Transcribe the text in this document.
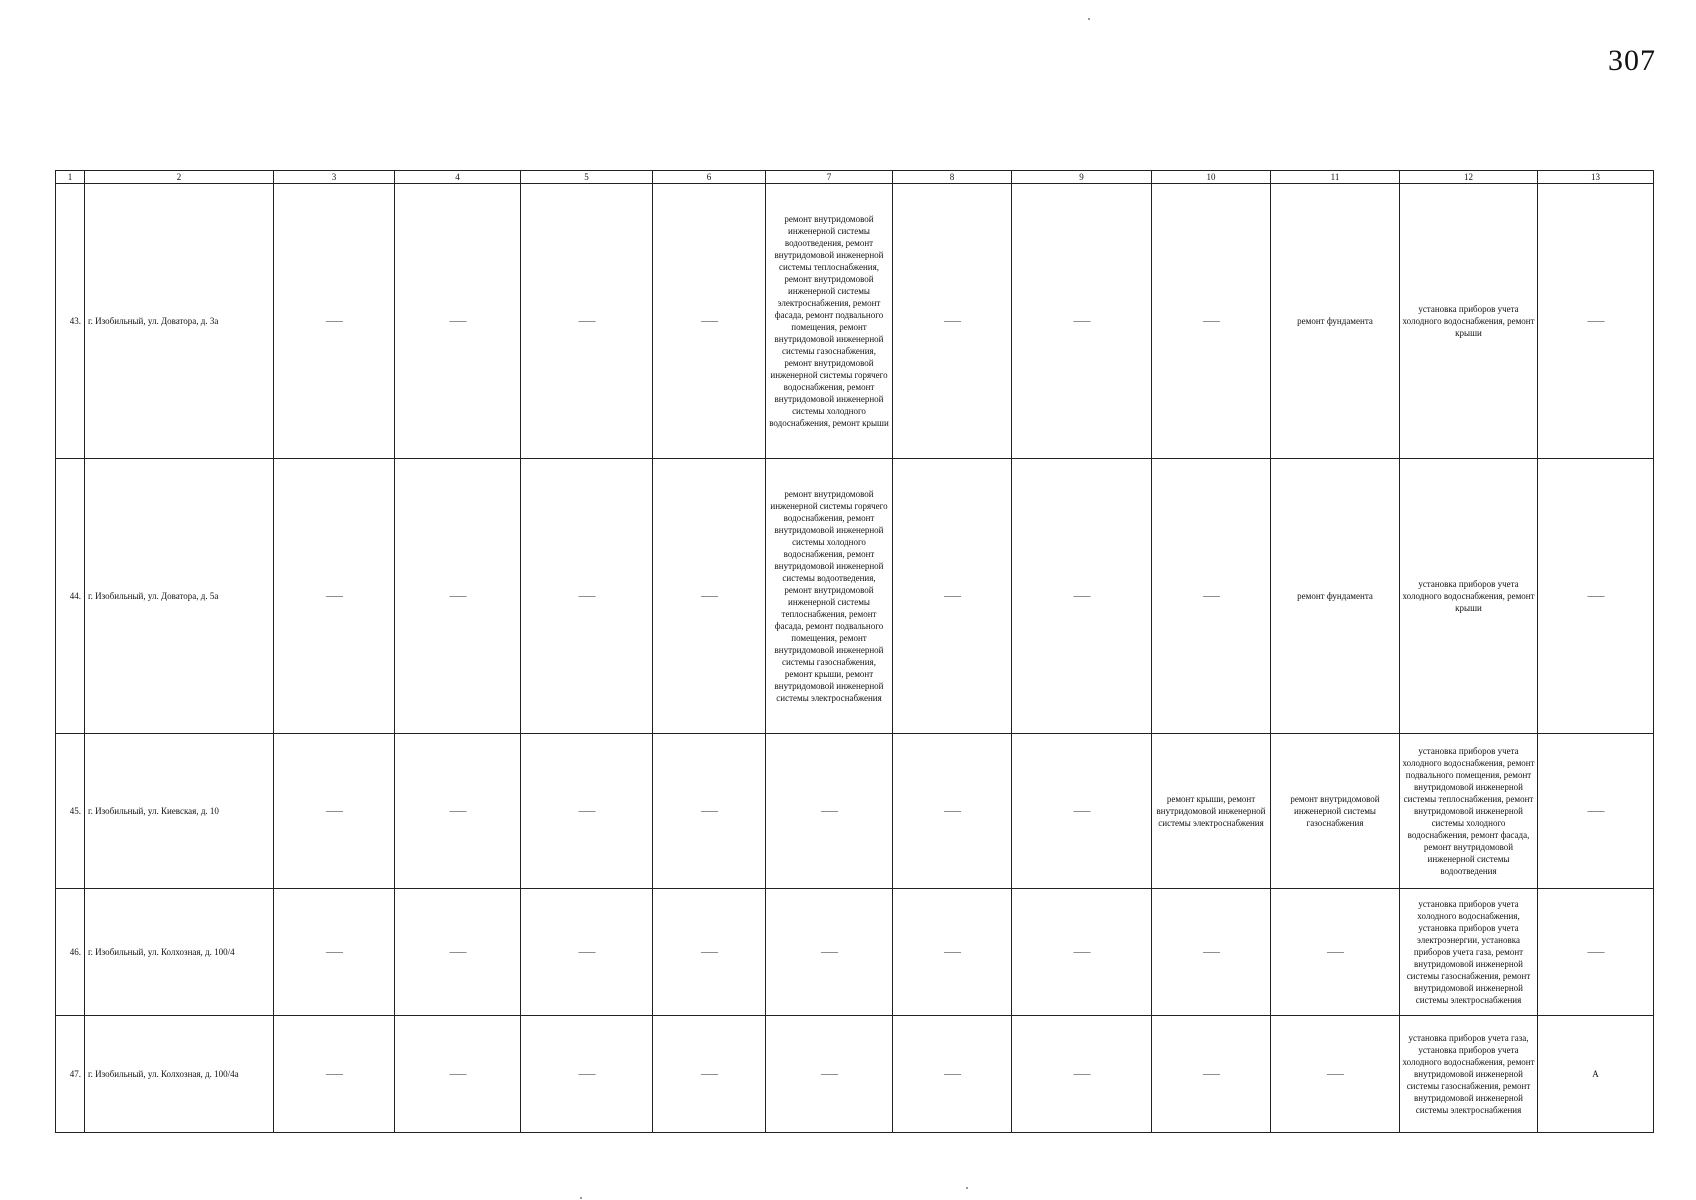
307
1	2	3	4	5	6	7	8	9	10	11	12	13
43.	г. Изобильный, ул. Доватора, д. 3а	——	——	——	——	ремонт внутридомовой инженерной системы водоотведения, ремонт внутридомовой инженерной системы теплоснабжения, ремонт внутридомовой инженерной системы электроснабжения, ремонт фасада, ремонт подвального помещения, ремонт внутридомовой инженерной системы газоснабжения, ремонт внутридомовой инженерной системы горячего водоснабжения, ремонт внутридомовой инженерной системы холодного водоснабжения, ремонт крыши	——	——	——	ремонт фундамента	установка приборов учета холодного водоснабжения, ремонт крыши	——
44.	г. Изобильный, ул. Доватора, д. 5а	——	——	——	——	ремонт внутридомовой инженерной системы горячего водоснабжения, ремонт внутридомовой инженерной системы холодного водоснабжения, ремонт внутридомовой инженерной системы водоотведения, ремонт внутридомовой инженерной системы теплоснабжения, ремонт фасада, ремонт подвального помещения, ремонт внутридомовой инженерной системы газоснабжения, ремонт крыши, ремонт внутридомовой инженерной системы электроснабжения	——	——	——	ремонт фундамента	установка приборов учета холодного водоснабжения, ремонт крыши	——
45.	г. Изобильный, ул. Киевская, д. 10	——	——	——	——	——	——	——	ремонт крыши, ремонт внутридомовой инженерной системы электроснабжения	ремонт внутридомовой инженерной системы газоснабжения	установка приборов учета холодного водоснабжения, ремонт подвального помещения, ремонт внутридомовой инженерной системы теплоснабжения, ремонт внутридомовой инженерной системы холодного водоснабжения, ремонт фасада, ремонт внутридомовой инженерной системы водоотведения	——
46.	г. Изобильный, ул. Колхозная, д. 100/4	——	——	——	——	——	——	——	——	——	установка приборов учета холодного водоснабжения, установка приборов учета электроэнергии, установка приборов учета газа, ремонт внутридомовой инженерной системы газоснабжения, ремонт внутридомовой инженерной системы электроснабжения	——
47.	г. Изобильный, ул. Колхозная, д. 100/4а	——	——	——	——	——	——	——	——	——	установка приборов учета газа, установка приборов учета холодного водоснабжения, ремонт внутридомовой инженерной системы газоснабжения, ремонт внутридомовой инженерной системы электроснабжения	А
